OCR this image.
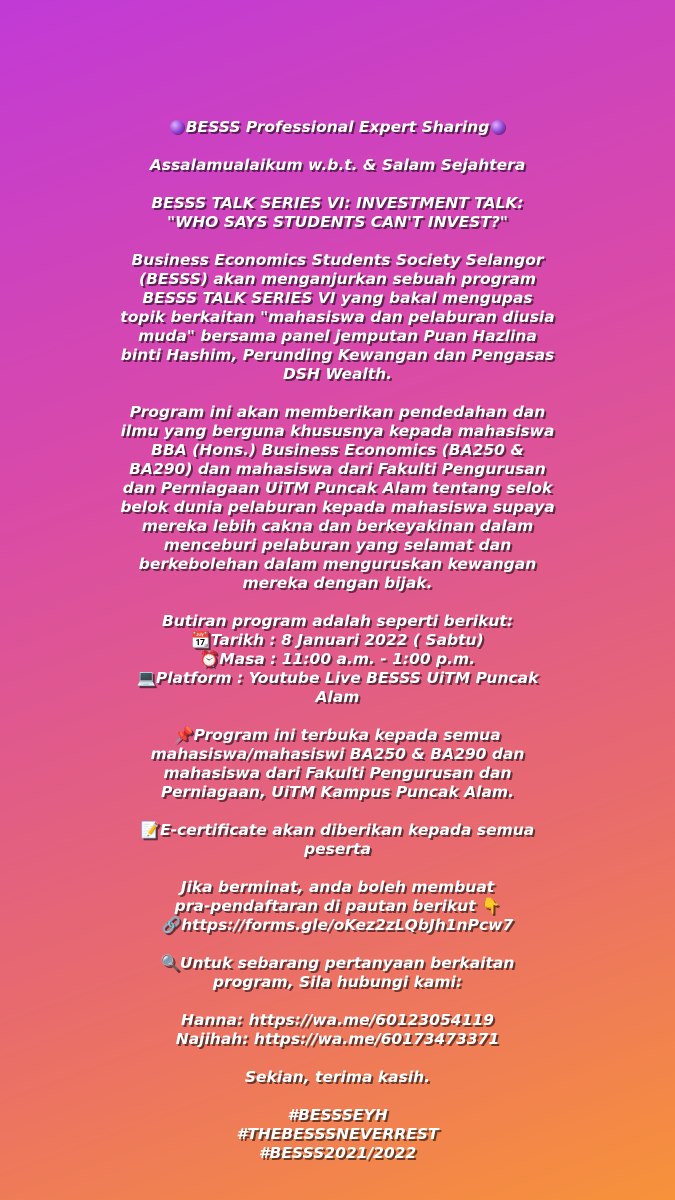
BESSS Professional Expert Sharing

Assalamualaikum w.b.t. & Salam Sejahtera

BESSS TALK SERIES VI: INVESTMENT TALK:
"WHO SAYS STUDENTS CAN'T INVEST?"

Business Economics Students Society Selangor (BESSS) akan menganjurkan sebuah program BESSS TALK SERIES VI yang bakal mengupas topik berkaitan "mahasiswa dan pelaburan diusia muda" bersama panel jemputan Puan Hazlina binti Hashim, Perunding Kewangan dan Pengasas DSH Wealth.

Program ini akan memberikan pendedahan dan ilmu yang berguna khususnya kepada mahasiswa BBA (Hons.) Business Economics (BA250 & BA290) dan mahasiswa dari Fakulti Pengurusan dan Perniagaan UiTM Puncak Alam tentang selok belok dunia pelaburan kepada mahasiswa supaya mereka lebih cakna dan berkeyakinan dalam menceburi pelaburan yang selamat dan berkebolehan dalam menguruskan kewangan mereka dengan bijak.

Butiran program adalah seperti berikut:

📆Tarikh : 8 Januari 2022 ( Sabtu)

⏰Masa : 11:00 a.m. - 1:00 p.m.

💻Platform : Youtube Live BESSS UiTM Puncak Alam

📌Program ini terbuka kepada semua mahasiswa/mahasiswi BA250 & BA290 dan mahasiswa dari Fakulti Pengurusan dan Perniagaan, UiTM Kampus Puncak Alam.

📝E-certificate akan diberikan kepada semua peserta

Jika berminat, anda boleh membuat
pra-pendaftaran di pautan berikut 👇
🔗https://forms.gle/oKez2zLQbJh1nPcw7

🔍Untuk sebarang pertanyaan berkaitan program, Sila hubungi kami:

Hanna: https://wa.me/60123054119

Najihah: https://wa.me/60173473371

Sekian, terima kasih.

#BESSSEYH

#THEBESSSNEVERREST

#BESSS2021/2022
